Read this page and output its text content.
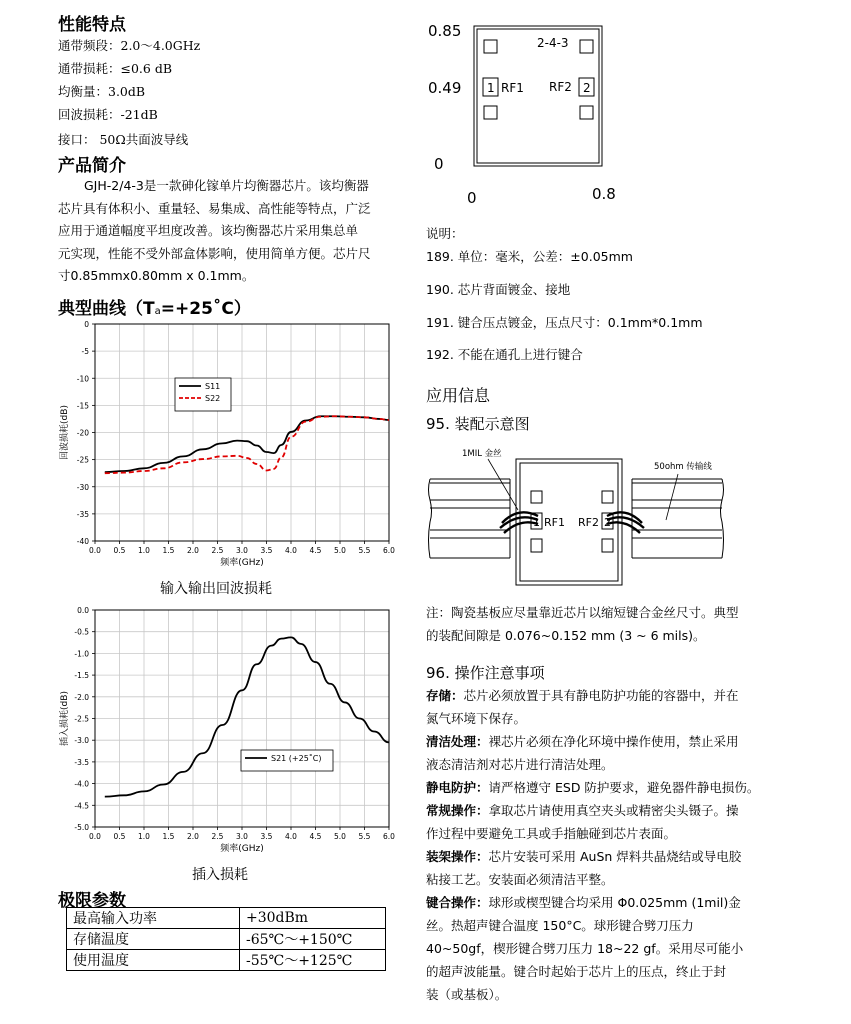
性能特点
通带频段：2.0～4.0GHz
通带损耗：≤0.6 dB
均衡量：3.0dB
回波损耗：-21dB
接口： 50Ω共面波导线
产品简介
GJH-2/4-3是一款砷化镓单片均衡器芯片。该均衡器
芯片具有体积小、重量轻、易集成、高性能等特点，广泛
应用于通道幅度平坦度改善。该均衡器芯片采用集总单
元实现，性能不受外部盒体影响，使用简单方便。芯片尺
寸0.85mmx0.80mm x 0.1mm。
典型曲线（Ta=+25˚C）
0.0 0.5 1.0 1.5 2.0 2.5 3.0 3.5 4.0 4.5 5.0 5.5 6.0
0
-5
-10
-15
-20
-25
-30
-35
-40
频率(GHz)
回波损耗(dB)
S11
S22
输入输出回波损耗
0.0 0.5 1.0 1.5 2.0 2.5 3.0 3.5 4.0 4.5 5.0 5.5 6.0
0.0
-0.5
-1.0
-1.5
-2.0
-2.5
-3.0
-3.5
-4.0
-4.5
-5.0
频率(GHz)
插入损耗(dB)
S21 (+25˚C)
插入损耗
极限参数
最高输入功率	+30dBm
存储温度	-65℃～+150℃
使用温度	-55℃～+125℃
0.85
0.49
0
0	0.8
1	2
RF1 RF2
2-4-3
说明：
189. 单位：毫米，公差：±0.05mm
190. 芯片背面镀金、接地
191. 键合压点镀金，压点尺寸：0.1mm*0.1mm
192. 不能在通孔上进行键合
应用信息
95. 装配示意图
1MIL 金丝
50ohm 传输线
1	2
RF1 RF2
注：陶瓷基板应尽量靠近芯片以缩短键合金丝尺寸。典型
的装配间隙是 0.076~0.152 mm (3 ~ 6 mils)。
96. 操作注意事项
存储：芯片必须放置于具有静电防护功能的容器中，并在
氮气环境下保存。
清洁处理：裸芯片必须在净化环境中操作使用，禁止采用
液态清洁剂对芯片进行清洁处理。
静电防护：请严格遵守 ESD 防护要求，避免器件静电损伤。
常规操作：拿取芯片请使用真空夹头或精密尖头镊子。操
作过程中要避免工具或手指触碰到芯片表面。
装架操作：芯片安装可采用 AuSn 焊料共晶烧结或导电胶
粘接工艺。安装面必须清洁平整。
键合操作：球形或楔型键合均采用 Φ0.025mm (1mil)金
丝。热超声键合温度 150°C。球形键合劈刀压力
40~50gf，楔形键合劈刀压力 18~22 gf。采用尽可能小
的超声波能量。键合时起始于芯片上的压点，终止于封
装（或基板）。
